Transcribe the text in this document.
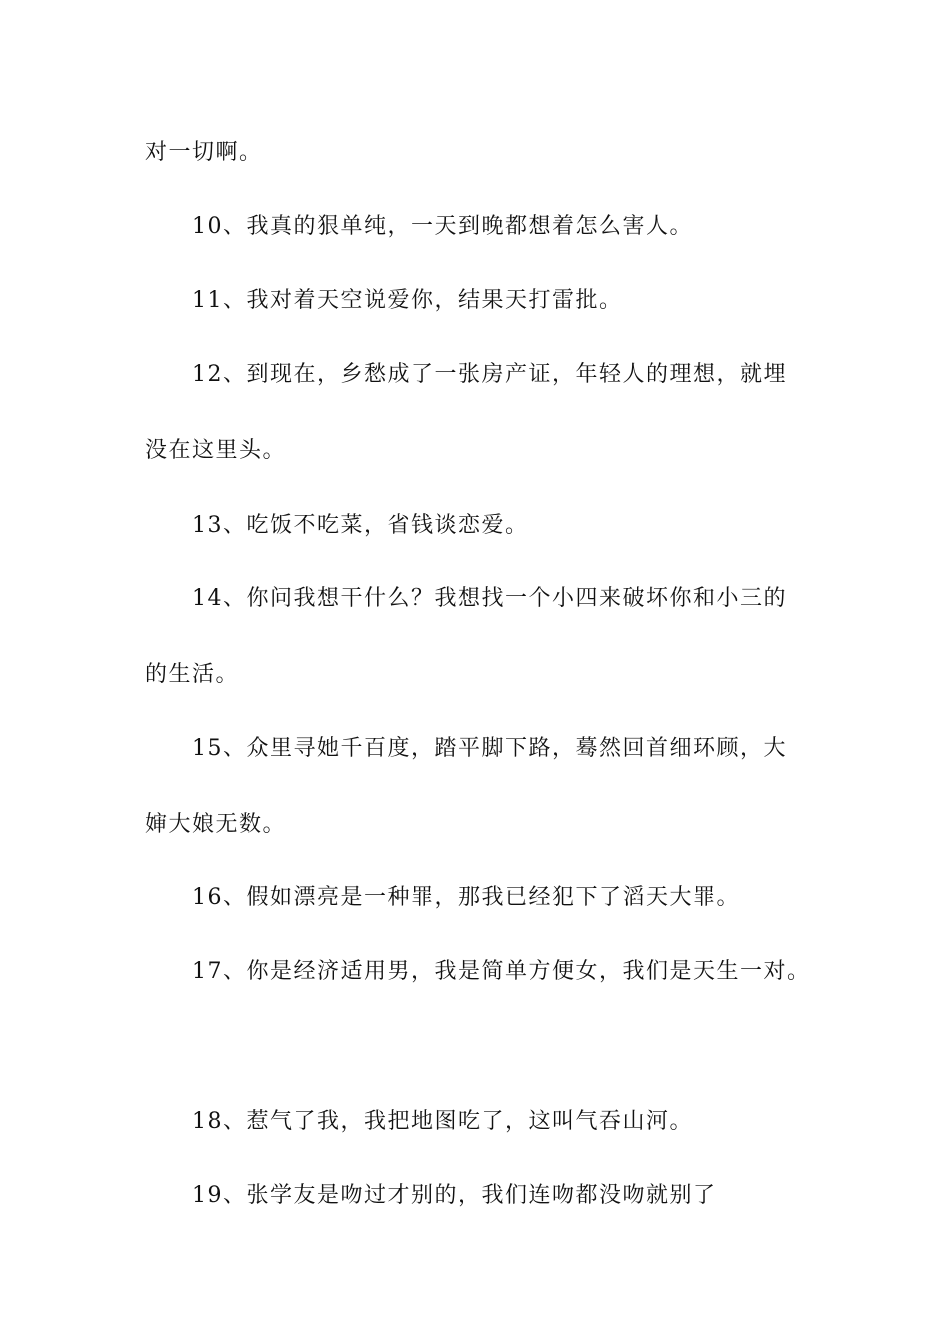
对一切啊。
10、我真的狠单纯，一天到晚都想着怎么害人。
11、我对着天空说爱你，结果天打雷批。
12、到现在，乡愁成了一张房产证，年轻人的理想，就埋
没在这里头。
13、吃饭不吃菜，省钱谈恋爱。
14、你问我想干什么？我想找一个小四来破坏你和小三的
的生活。
15、众里寻她千百度，踏平脚下路，蓦然回首细环顾，大
婶大娘无数。
16、假如漂亮是一种罪，那我已经犯下了滔天大罪。
17、你是经济适用男，我是简单方便女，我们是天生一对。
18、惹气了我，我把地图吃了，这叫气吞山河。
19、张学友是吻过才别的，我们连吻都没吻就别了
